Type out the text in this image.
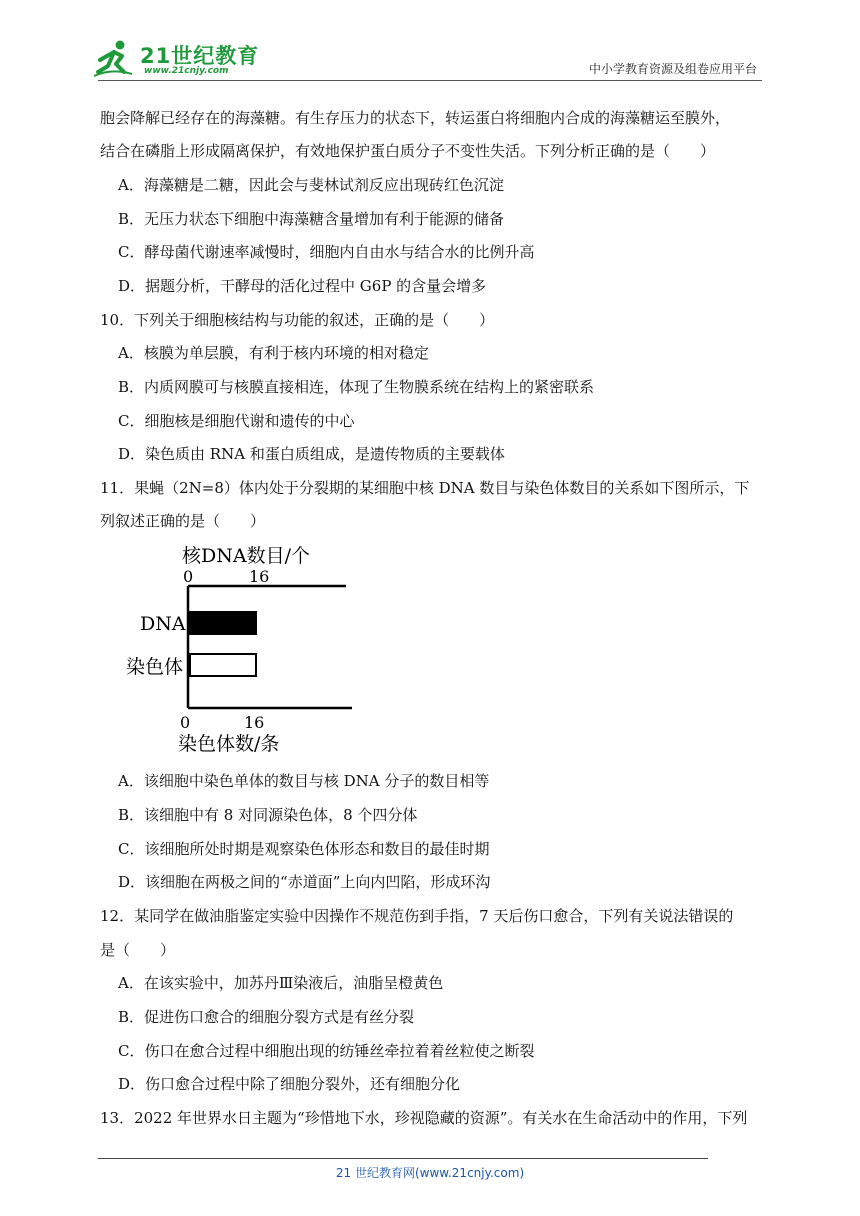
21世纪教育
www.21cnjy.com	中小学教育资源及组卷应用平台
胞会降解已经存在的海藻糖。有生存压力的状态下，转运蛋白将细胞内合成的海藻糖运至膜外，
结合在磷脂上形成隔离保护，有效地保护蛋白质分子不变性失活。下列分析正确的是（　　）
A．海藻糖是二糖，因此会与斐林试剂反应出现砖红色沉淀
B．无压力状态下细胞中海藻糖含量增加有利于能源的储备
C．酵母菌代谢速率减慢时，细胞内自由水与结合水的比例升高
D．据题分析，干酵母的活化过程中 G6P 的含量会增多
10．下列关于细胞核结构与功能的叙述，正确的是（　　）
A．核膜为单层膜，有利于核内环境的相对稳定
B．内质网膜可与核膜直接相连，体现了生物膜系统在结构上的紧密联系
C．细胞核是细胞代谢和遗传的中心
D．染色质由 RNA 和蛋白质组成，是遗传物质的主要载体
11．果蝇（2N=8）体内处于分裂期的某细胞中核 DNA 数目与染色体数目的关系如下图所示，下
列叙述正确的是（　　）
核DNA数目/个
0	16
DNA
染色体
0	16
染色体数/条
A．该细胞中染色单体的数目与核 DNA 分子的数目相等
B．该细胞中有 8 对同源染色体，8 个四分体
C．该细胞所处时期是观察染色体形态和数目的最佳时期
D．该细胞在两极之间的“赤道面”上向内凹陷，形成环沟
12．某同学在做油脂鉴定实验中因操作不规范伤到手指，7 天后伤口愈合，下列有关说法错误的
是（　　）
A．在该实验中，加苏丹Ⅲ染液后，油脂呈橙黄色
B．促进伤口愈合的细胞分裂方式是有丝分裂
C．伤口在愈合过程中细胞出现的纺锤丝牵拉着着丝粒使之断裂
D．伤口愈合过程中除了细胞分裂外，还有细胞分化
13．2022 年世界水日主题为“珍惜地下水，珍视隐藏的资源”。有关水在生命活动中的作用，下列
21 世纪教育网(www.21cnjy.com)
